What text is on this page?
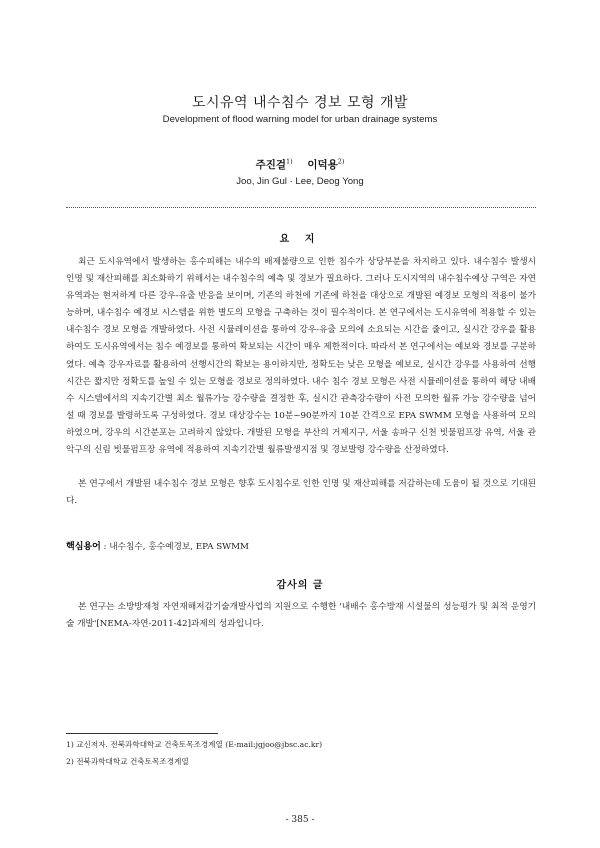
도시유역 내수침수 경보 모형 개발
Development of flood warning model for urban drainage systems
주진걸$^{1)}$ 이덕용$^{2)}$
Joo, Jin Gul · Lee, Deog Yong
요 지

최근 도시유역에서 발생하는 홍수피해는 내수의 배제불량으로 인한 침수가 상당부분을 차지하고 있다. 내수침수 발생시 인명 및 재산피해를 최소화하기 위해서는 내수침수의 예측 및 경보가 필요하다. 그러나 도시지역의 내수침수예상 구역은 자연유역과는 현저하게 다른 강우-유출 반응을 보이며, 기존의 하천에 기존에 하천을 대상으로 개발된 예경보 모형의 적용이 불가능하며, 내수침수 예경보 시스템을 위한 별도의 모형을 구축하는 것이 필수적이다. 본 연구에서는 도시유역에 적용할 수 있는 내수침수 경보 모형을 개발하였다. 사전 시뮬레이션을 통하여 강우-유출 모의에 소요되는 시간을 줄이고, 실시간 강우를 활용하여도 도시유역에서는 침수 예경보를 통하여 확보되는 시간이 매우 제한적이다. 따라서 본 연구에서는 예보와 경보를 구분하였다. 예측 강우자료를 활용하여 선행시간의 확보는 용이하지만, 정확도는 낮은 모형을 예보로, 실시간 강우를 사용하여 선행시간은 짧지만 정확도를 높일 수 있는 모형을 경보로 정의하였다. 내수 침수 경보 모형은 사전 시뮬레이션을 통하여 해당 내배수 시스템에서의 지속기간별 최소 월류가능 강수량을 결정한 후, 실시간 관측강수량이 사전 모의한 월류 가능 강수량을 넘어설 때 경보를 발령하도록 구성하였다. 경보 대상강수는 10분~90분까지 10분 간격으로 EPA SWMM 모형을 사용하여 모의하였으며, 강우의 시간분포는 고려하지 않았다. 개발된 모형을 부산의 거제지구, 서울 송파구 신천 빗물펌프장 유역, 서울 관악구의 신림 빗물펌프장 유역에 적용하여 지속기간별 월류발생지점 및 경보발령 강수량을 산정하였다.

본 연구에서 개발된 내수침수 경보 모형은 향후 도시침수로 인한 인명 및 재산피해를 저감하는데 도움이 될 것으로 기대된다.

핵심용어 : 내수침수, 홍수예경보, EPA SWMM
감사의 글

본 연구는 소방방재청 자연재해저감기술개발사업의 지원으로 수행한 '내배수 홍수방재 시설물의 성능평가 및 최적 운영기술 개발'[NEMA-자연-2011-42]과제의 성과입니다.

1) 교신저자. 전북과학대학교 건축토목조경계열 (E-mail:jgjoo@jbsc.ac.kr)
2) 전북과학대학교 건축토목조경계열
- 385 -
